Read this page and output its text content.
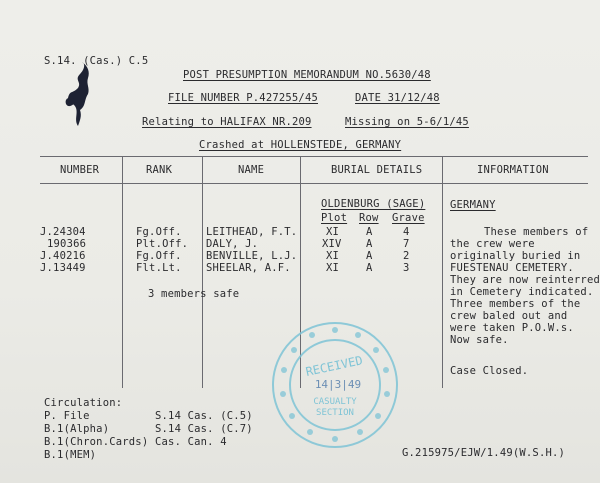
S.14. (Cas.) C.5
POST PRESUMPTION MEMORANDUM NO.5630/48
FILE NUMBER P.427255/45	DATE 31/12/48
Relating to HALIFAX NR.209	Missing on 5-6/1/45
Crashed at HOLLENSTEDE, GERMANY
NUMBER	RANK	NAME	BURIAL DETAILS	INFORMATION
OLDENBURG (SAGE)
Plot Row Grave
J.24304	Fg.Off. LEITHEAD, F.T.	XI	A	4
190366	Plt.Off. DALY, J.	XIV A	7
J.40216	Fg.Off. BENVILLE, L.J.	XI	A	2
J.13449	Flt.Lt. SHEELAR, A.F.	XI	A	3
3 members safe
GERMANY
These members of
the crew were
originally buried in
FUESTENAU CEMETERY.
They are now reinterred
in Cemetery indicated.
Three members of the
crew baled out and
were taken P.O.W.s.
Now safe.
Case Closed.
Circulation:
P. File
B.1(Alpha)
B.1(Chron.Cards)
B.1(MEM)
S.14 Cas. (C.5)
S.14 Cas. (C.7)
Cas. Can. 4
G.215975/EJW/1.49(W.S.H.)
RECEIVED
14|3|49
CASUALTY
SECTION
